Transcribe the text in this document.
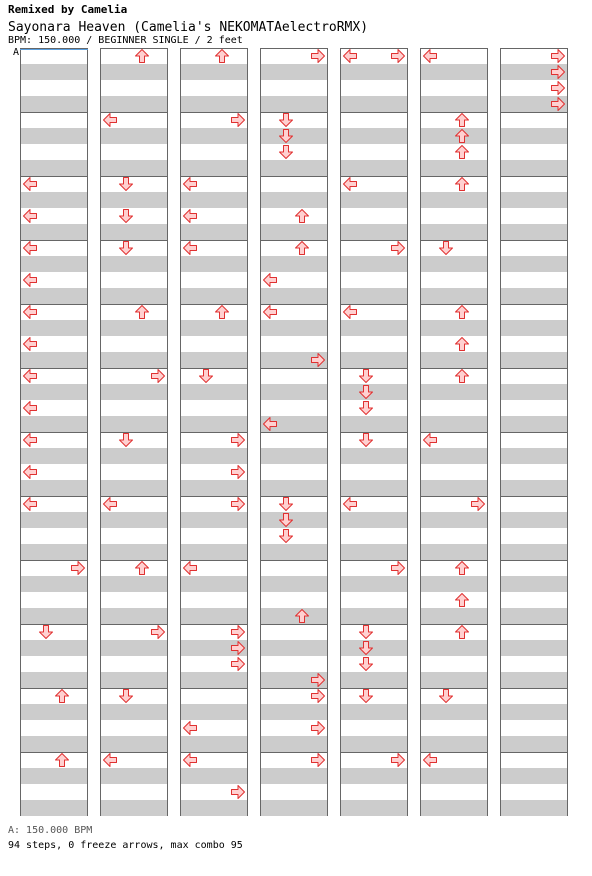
Remixed by Camelia
Sayonara Heaven (Camelia's NEKOMATAelectroRMX)
BPM: 150.000 / BEGINNER SINGLE / 2 feet
A
A: 150.000 BPM
94 steps, 0 freeze arrows, max combo 95
